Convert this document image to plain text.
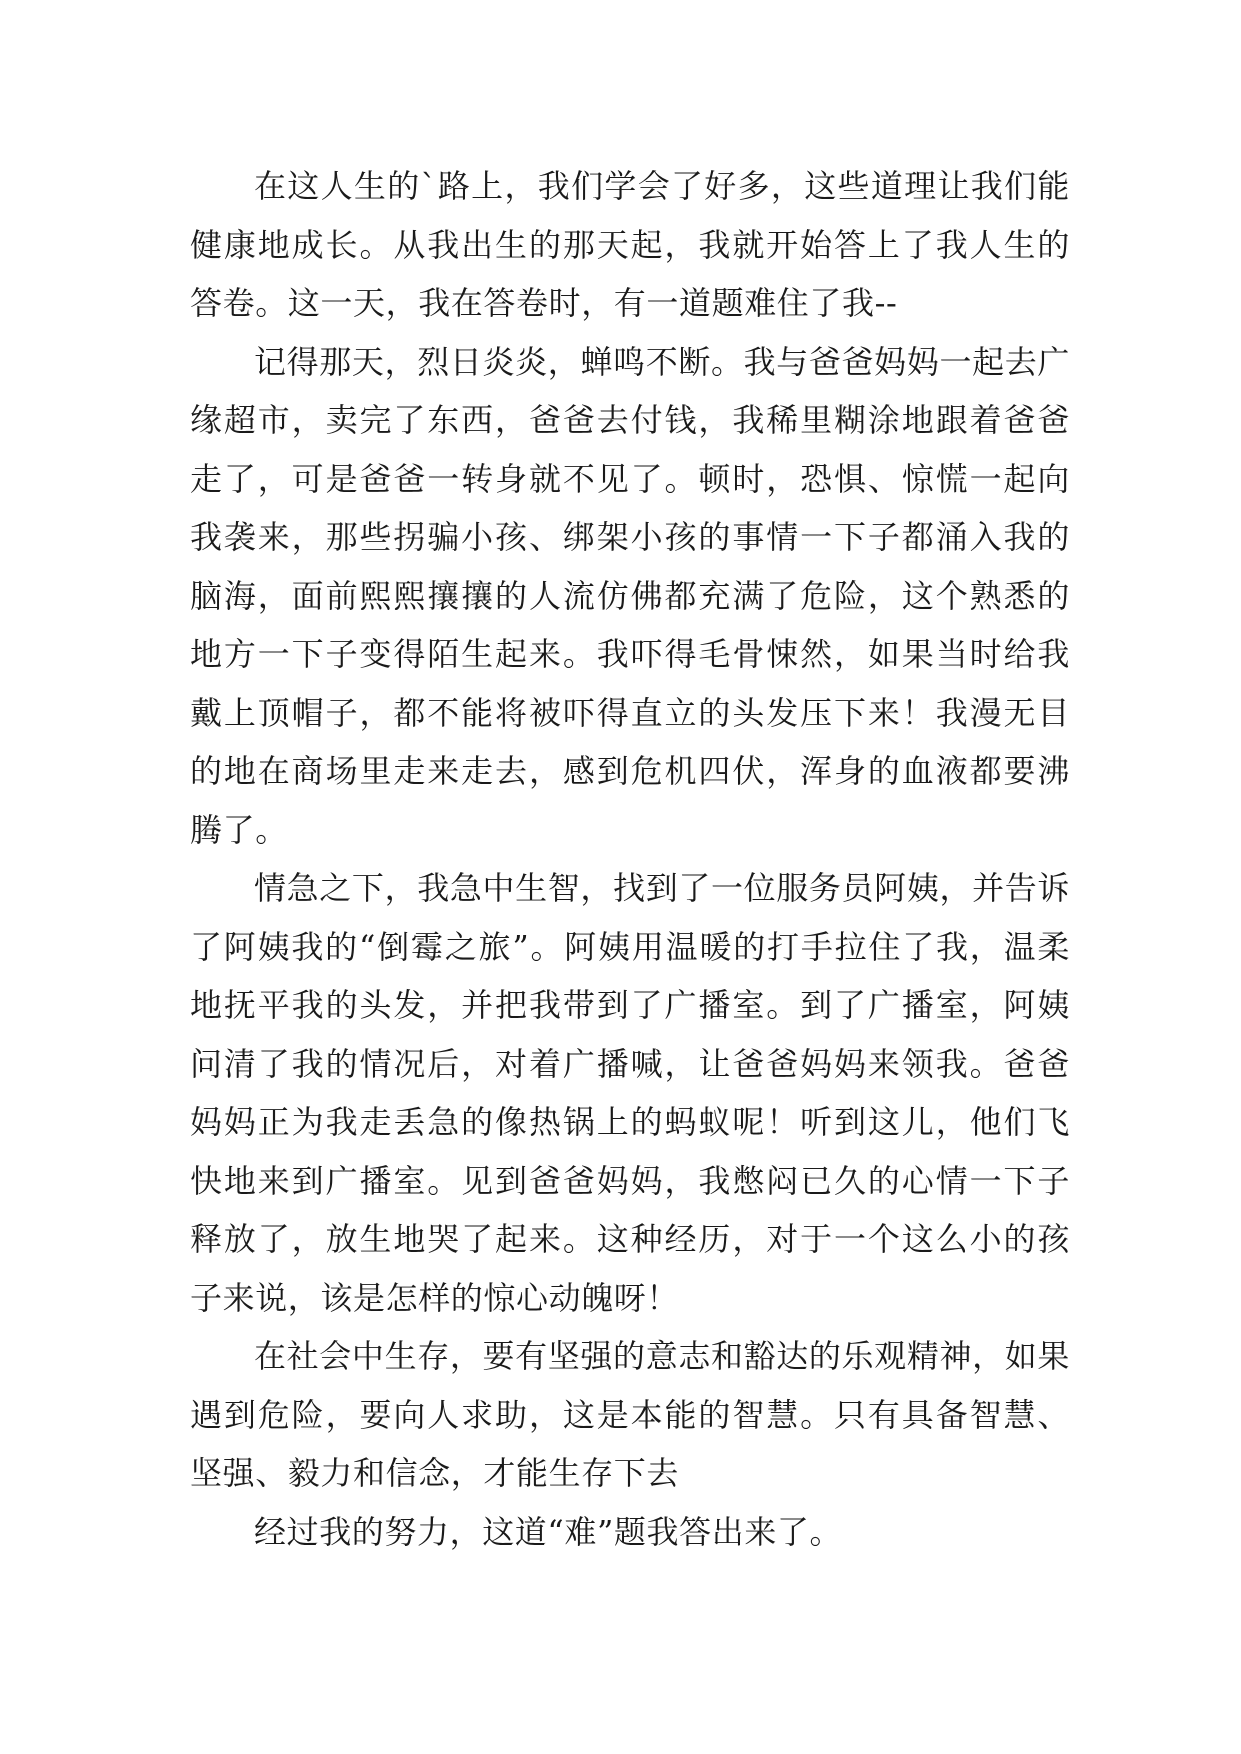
在这人生的`路上，我们学会了好多，这些道理让我们能健康地成长。从我出生的那天起，我就开始答上了我人生的答卷。这一天，我在答卷时，有一道题难住了我--

记得那天，烈日炎炎，蝉鸣不断。我与爸爸妈妈一起去广缘超市，卖完了东西，爸爸去付钱，我稀里糊涂地跟着爸爸走了，可是爸爸一转身就不见了。顿时，恐惧、惊慌一起向我袭来，那些拐骗小孩、绑架小孩的事情一下子都涌入我的脑海，面前熙熙攘攘的人流仿佛都充满了危险，这个熟悉的地方一下子变得陌生起来。我吓得毛骨悚然，如果当时给我戴上顶帽子，都不能将被吓得直立的头发压下来！我漫无目的地在商场里走来走去，感到危机四伏，浑身的血液都要沸腾了。

情急之下，我急中生智，找到了一位服务员阿姨，并告诉了阿姨我的“倒霉之旅”。阿姨用温暖的打手拉住了我，温柔地抚平我的头发，并把我带到了广播室。到了广播室，阿姨问清了我的情况后，对着广播喊，让爸爸妈妈来领我。爸爸妈妈正为我走丢急的像热锅上的蚂蚁呢！听到这儿，他们飞快地来到广播室。见到爸爸妈妈，我憋闷已久的心情一下子释放了，放生地哭了起来。这种经历，对于一个这么小的孩子来说，该是怎样的惊心动魄呀！

在社会中生存，要有坚强的意志和豁达的乐观精神，如果遇到危险，要向人求助，这是本能的智慧。只有具备智慧、坚强、毅力和信念，才能生存下去

经过我的努力，这道“难”题我答出来了。
